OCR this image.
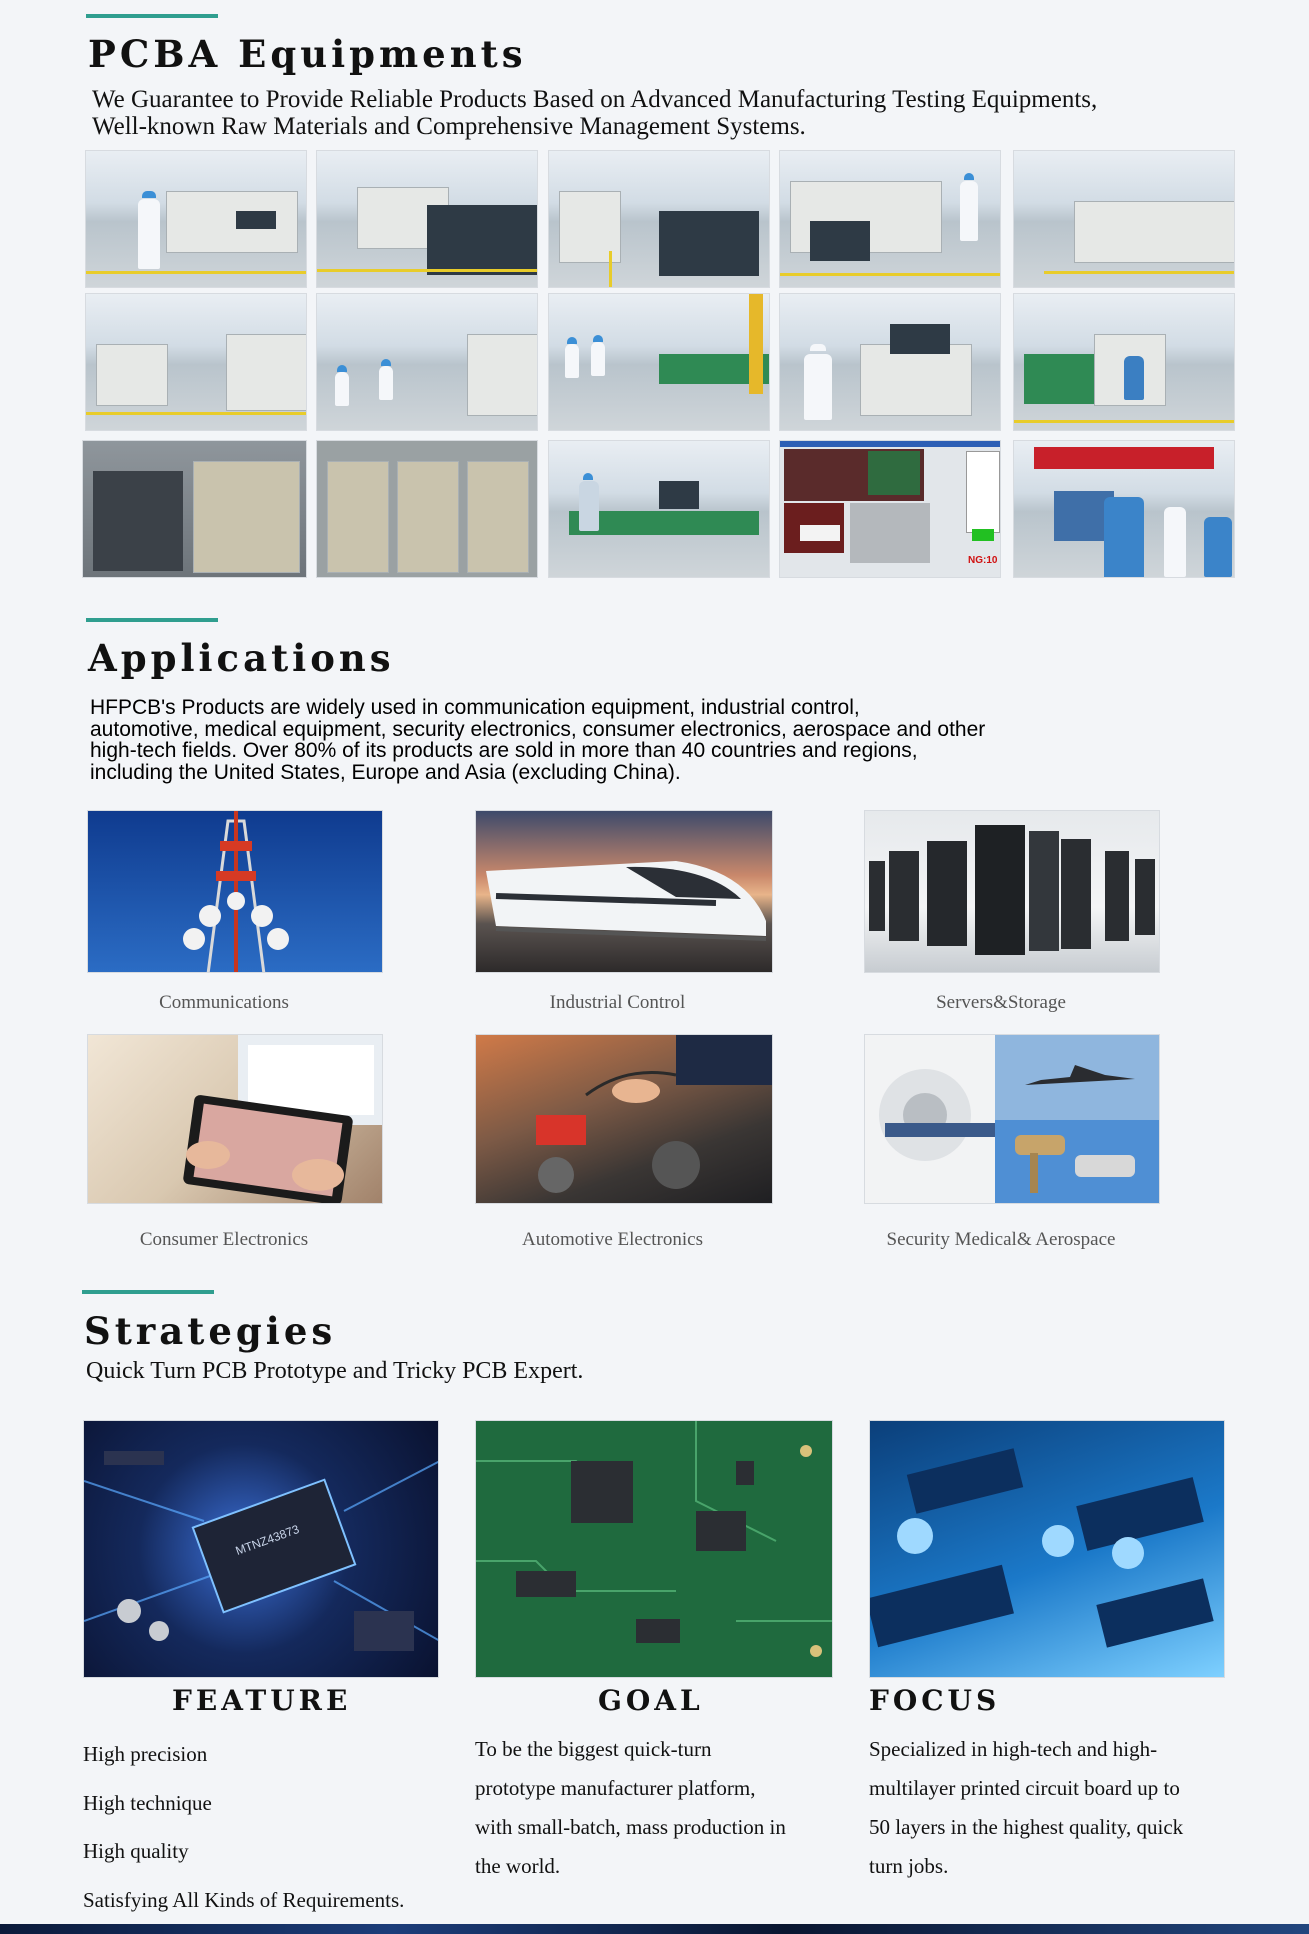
PCBA Equipments

We Guarantee to Provide Reliable Products Based on Advanced Manufacturing Testing Equipments,

Well-known Raw Materials and Comprehensive Management Systems.

NG:10
Applications

HFPCB's Products are widely used in communication equipment, industrial control,

automotive, medical equipment, security electronics, consumer electronics, aerospace and other

high-tech fields. Over 80% of its products are sold in more than 40 countries and regions,

including the United States, Europe and Asia (excluding China).

Communications	Industrial Control	Servers&Storage

Consumer Electronics	Automotive Electronics	Security Medical& Aerospace

Strategies

Quick Turn PCB Prototype and Tricky PCB Expert.

MTNZ43873
FEATURE
High precision
High technique
High quality
Satisfying All Kinds of Requirements.
GOAL

To be the biggest quick-turn

prototype manufacturer platform,

with small-batch, mass production in

the world.

FOCUS

Specialized in high-tech and high-

multilayer printed circuit board up to

50 layers in the highest quality, quick

turn jobs.
